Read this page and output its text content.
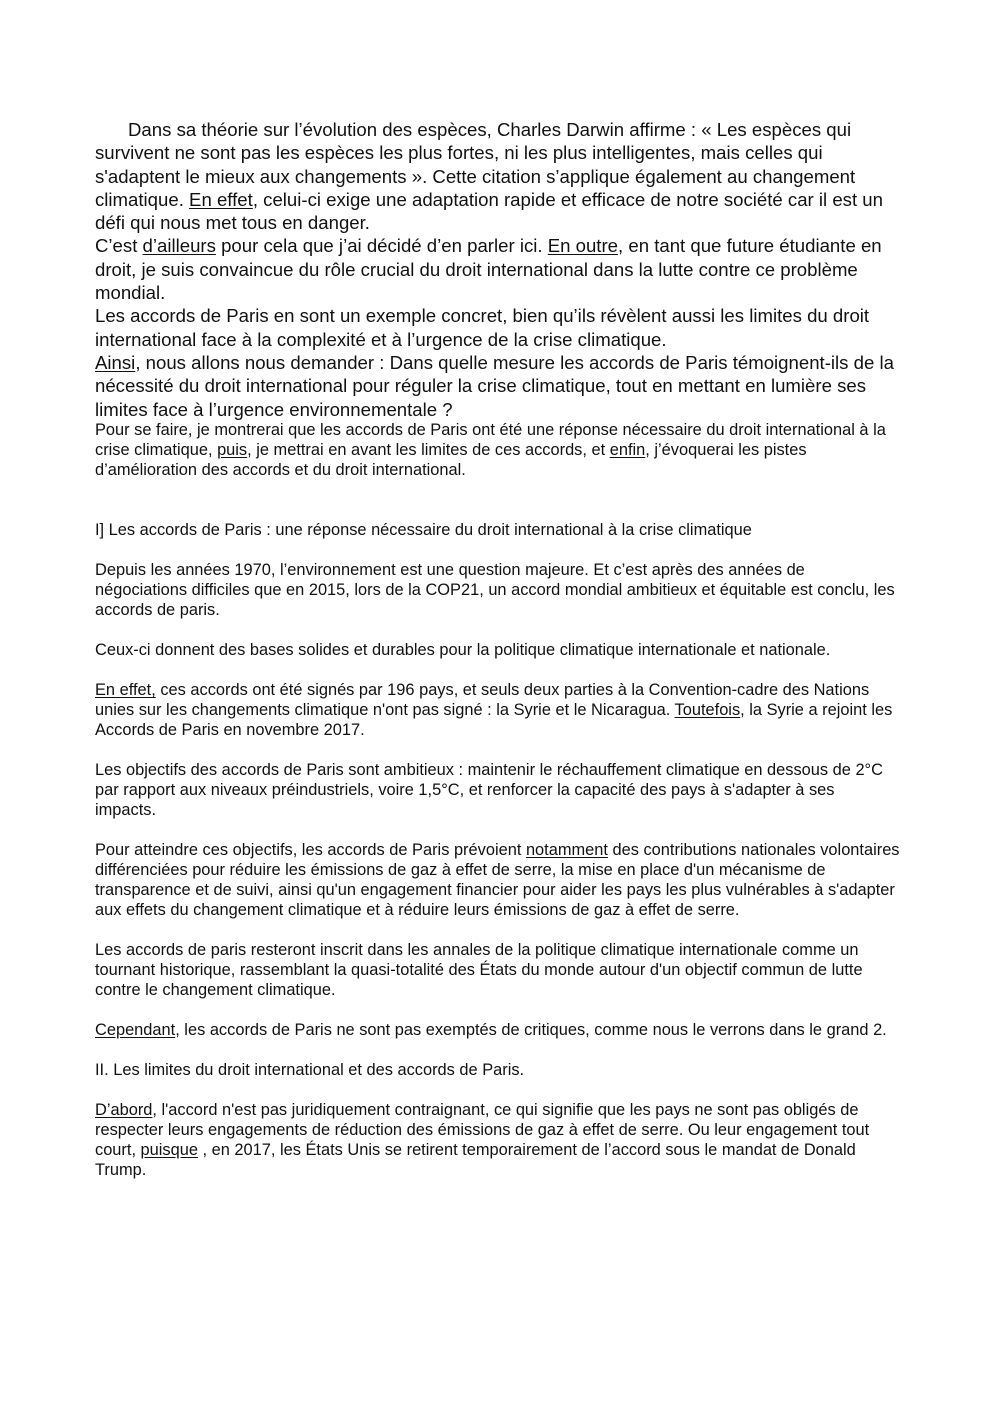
Dans sa théorie sur l’évolution des espèces, Charles Darwin affirme : « Les espèces qui survivent ne sont pas les espèces les plus fortes, ni les plus intelligentes, mais celles qui s'adaptent le mieux aux changements ». Cette citation s’applique également au changement climatique. En effet, celui-ci exige une adaptation rapide et efficace de notre société car il est un défi qui nous met tous en danger.

C’est d’ailleurs pour cela que j’ai décidé d’en parler ici. En outre, en tant que future étudiante en droit, je suis convaincue du rôle crucial du droit international dans la lutte contre ce problème mondial.

Les accords de Paris en sont un exemple concret, bien qu’ils révèlent aussi les limites du droit international face à la complexité et à l’urgence de la crise climatique.

Ainsi, nous allons nous demander : Dans quelle mesure les accords de Paris témoignent-ils de la nécessité du droit international pour réguler la crise climatique, tout en mettant en lumière ses limites face à l’urgence environnementale ?

Pour se faire, je montrerai que les accords de Paris ont été une réponse nécessaire du droit international à la crise climatique, puis, je mettrai en avant les limites de ces accords, et enfin, j’évoquerai les pistes d’amélioration des accords et du droit international.

I] Les accords de Paris : une réponse nécessaire du droit international à la crise climatique

Depuis les années 1970, l’environnement est une question majeure. Et c’est après des années de négociations difficiles que en 2015, lors de la COP21, un accord mondial ambitieux et équitable est conclu, les accords de paris.

Ceux-ci donnent des bases solides et durables pour la politique climatique internationale et nationale.

En effet, ces accords ont été signés par 196 pays, et seuls deux parties à la Convention-cadre des Nations unies sur les changements climatique n'ont pas signé : la Syrie et le Nicaragua. Toutefois, la Syrie a rejoint les Accords de Paris en novembre 2017.

Les objectifs des accords de Paris sont ambitieux : maintenir le réchauffement climatique en dessous de 2°C par rapport aux niveaux préindustriels, voire 1,5°C, et renforcer la capacité des pays à s'adapter à ses impacts.

Pour atteindre ces objectifs, les accords de Paris prévoient notamment des contributions nationales volontaires différenciées pour réduire les émissions de gaz à effet de serre, la mise en place d'un mécanisme de transparence et de suivi, ainsi qu'un engagement financier pour aider les pays les plus vulnérables à s'adapter aux effets du changement climatique et à réduire leurs émissions de gaz à effet de serre.

Les accords de paris resteront inscrit dans les annales de la politique climatique internationale comme un tournant historique, rassemblant la quasi-totalité des États du monde autour d'un objectif commun de lutte contre le changement climatique.

Cependant, les accords de Paris ne sont pas exemptés de critiques, comme nous le verrons dans le grand 2.

II. Les limites du droit international et des accords de Paris.

D’abord, l'accord n'est pas juridiquement contraignant, ce qui signifie que les pays ne sont pas obligés de respecter leurs engagements de réduction des émissions de gaz à effet de serre. Ou leur engagement tout court, puisque , en 2017, les États Unis se retirent temporairement de l’accord sous le mandat de Donald Trump.
